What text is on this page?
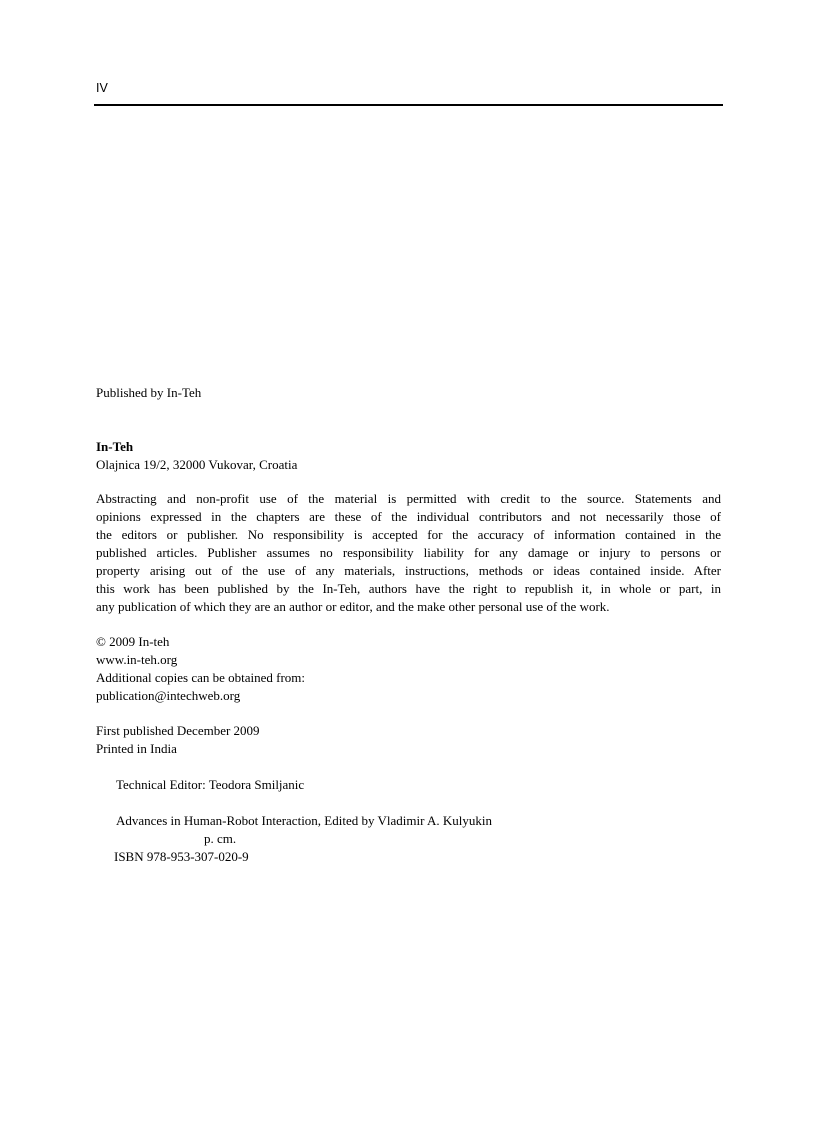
IV
Published by In-Teh
In-Teh
Olajnica 19/2, 32000 Vukovar, Croatia
Abstracting and non-profit use of the material is permitted with credit to the source. Statements and
opinions expressed in the chapters are these of the individual contributors and not necessarily those of
the editors or publisher. No responsibility is accepted for the accuracy of information contained in the
published articles. Publisher assumes no responsibility liability for any damage or injury to persons or
property arising out of the use of any materials, instructions, methods or ideas contained inside. After
this work has been published by the In-Teh, authors have the right to republish it, in whole or part, in
any publication of which they are an author or editor, and the make other personal use of the work.
© 2009 In-teh
www.in-teh.org
Additional copies can be obtained from:
publication@intechweb.org
First published December 2009
Printed in India
Technical Editor: Teodora Smiljanic
Advances in Human-Robot Interaction, Edited by Vladimir A. Kulyukin
p. cm.
ISBN 978-953-307-020-9
